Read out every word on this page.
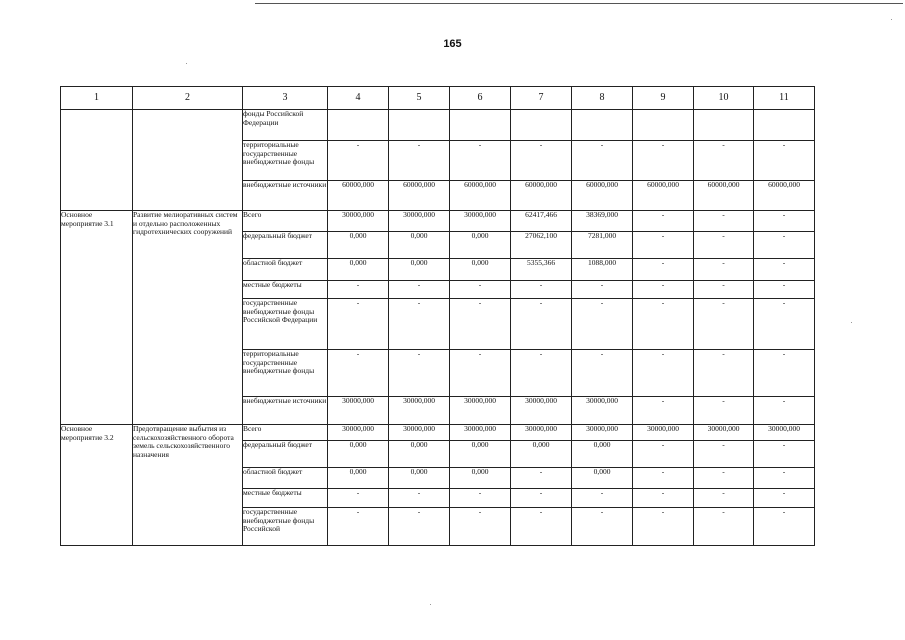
165
1	2	3	4	5	6	7	8	9	10	11
		фонды Российской Федерации								
		территориальные государственные внебюджетные фонды	-	-	-	-	-	-	-	-
		внебюджетные источники	60000,000	60000,000	60000,000	60000,000	60000,000	60000,000	60000,000	60000,000
Основное мероприятие 3.1	Развитие мелиоративных систем и отдельно расположенных гидротехнических сооружений	Всего	30000,000	30000,000	30000,000	62417,466	38369,000	-	-	-
		федеральный бюджет	0,000	0,000	0,000	27062,100	7281,000	-	-	-
		областной бюджет	0,000	0,000	0,000	5355,366	1088,000	-	-	-
		местные бюджеты	-	-	-	-	-	-	-	-
		государственные внебюджетные фонды Российской Федерации	-	-	-	-	-	-	-	-
		территориальные государственные внебюджетные фонды	-	-	-	-	-	-	-	-
		внебюджетные источники	30000,000	30000,000	30000,000	30000,000	30000,000	-	-	-
Основное мероприятие 3.2	Предотвращение выбытия из сельскохозяйственного оборота земель сельскохозяйственного назначения	Всего	30000,000	30000,000	30000,000	30000,000	30000,000	30000,000	30000,000	30000,000
		федеральный бюджет	0,000	0,000	0,000	0,000	0,000	-	-	-
		областной бюджет	0,000	0,000	0,000	-	0,000	-	-	-
		местные бюджеты	-	-	-	-	-	-	-	-
		государственные внебюджетные фонды Российской	-	-	-	-	-	-	-	-
